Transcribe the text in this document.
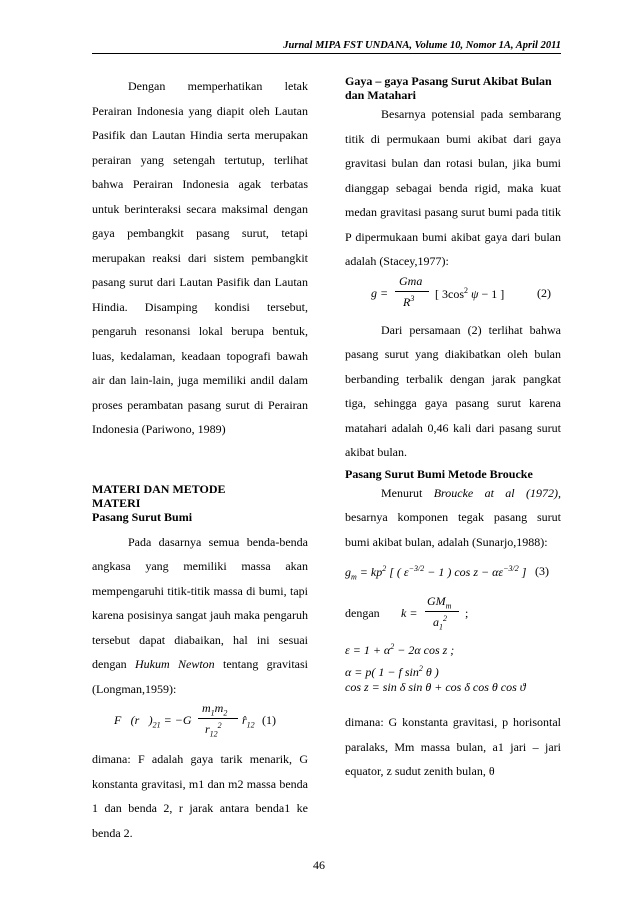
Jurnal MIPA FST UNDANA, Volume 10, Nomor 1A, April 2011

Dengan memperhatikan letak Perairan Indonesia yang diapit oleh Lautan Pasifik dan Lautan Hindia serta merupakan perairan yang setengah tertutup, terlihat bahwa Perairan Indonesia agak terbatas untuk berinteraksi secara maksimal dengan gaya pembangkit pasang surut, tetapi merupakan reaksi dari sistem pembangkit pasang surut dari Lautan Pasifik dan Lautan Hindia. Disamping kondisi tersebut, pengaruh resonansi lokal berupa bentuk, luas, kedalaman, keadaan topografi bawah air dan lain-lain, juga memiliki andil dalam proses perambatan pasang surut di Perairan Indonesia (Pariwono, 1989)

MATERI DAN METODE
MATERI
Pasang Surut Bumi

Pada dasarnya semua benda-benda angkasa yang memiliki massa akan mempengaruhi titik-titik massa di bumi, tapi karena posisinya sangat jauh maka pengaruh tersebut dapat diabaikan, hal ini sesuai dengan Hukum Newton tentang gravitasi (Longman,1959):

$F⃗(r⃗)_{21} = -G$
$m_1m_2$
$r_{12}^2$ $r̂_{12}$ (1)

dimana: F adalah gaya tarik menarik, G konstanta gravitasi, m1 dan m2 massa benda 1 dan benda 2, r jarak antara benda1 ke benda 2.

Gaya – gaya Pasang Surut Akibat Bulan dan Matahari

Besarnya potensial pada sembarang titik di permukaan bumi akibat dari gaya gravitasi bulan dan rotasi bulan, jika bumi dianggap sebagai benda rigid, maka kuat medan gravitasi pasang surut bumi pada titik P dipermukaan bumi akibat gaya dari bulan adalah (Stacey,1977):

g =
Gma
$R^3$ [ $3\cos^2$ ψ − 1 ]	(2)

Dari persamaan (2) terlihat bahwa pasang surut yang diakibatkan oleh bulan berbanding terbalik dengan jarak pangkat tiga, sehingga gaya pasang surut karena matahari adalah 0,46 kali dari pasang surut akibat bulan.

Pasang Surut Bumi Metode Broucke

Menurut Broucke at al (1972), besarnya komponen tegak pasang surut bumi akibat bulan, adalah (Sunarjo,1988):

$g_m = kp^2$ [ ( $\varepsilon^{-3/2} - 1$ ) $\cos z - \alpha\varepsilon^{-3/2}$ ] (3)
dengan k =
$GM_m$
$a_1^2$ ;
$\varepsilon = 1 + \alpha^2 - 2\alpha$ cos z ;
α = p( 1 − f $\sin^2 \theta$ )
cos z = sin δ sin θ + cos δ cos θ cos ϑ

dimana: G konstanta gravitasi, p horisontal paralaks, Mm massa bulan, a1 jari – jari equator, z sudut zenith bulan, θ

46
